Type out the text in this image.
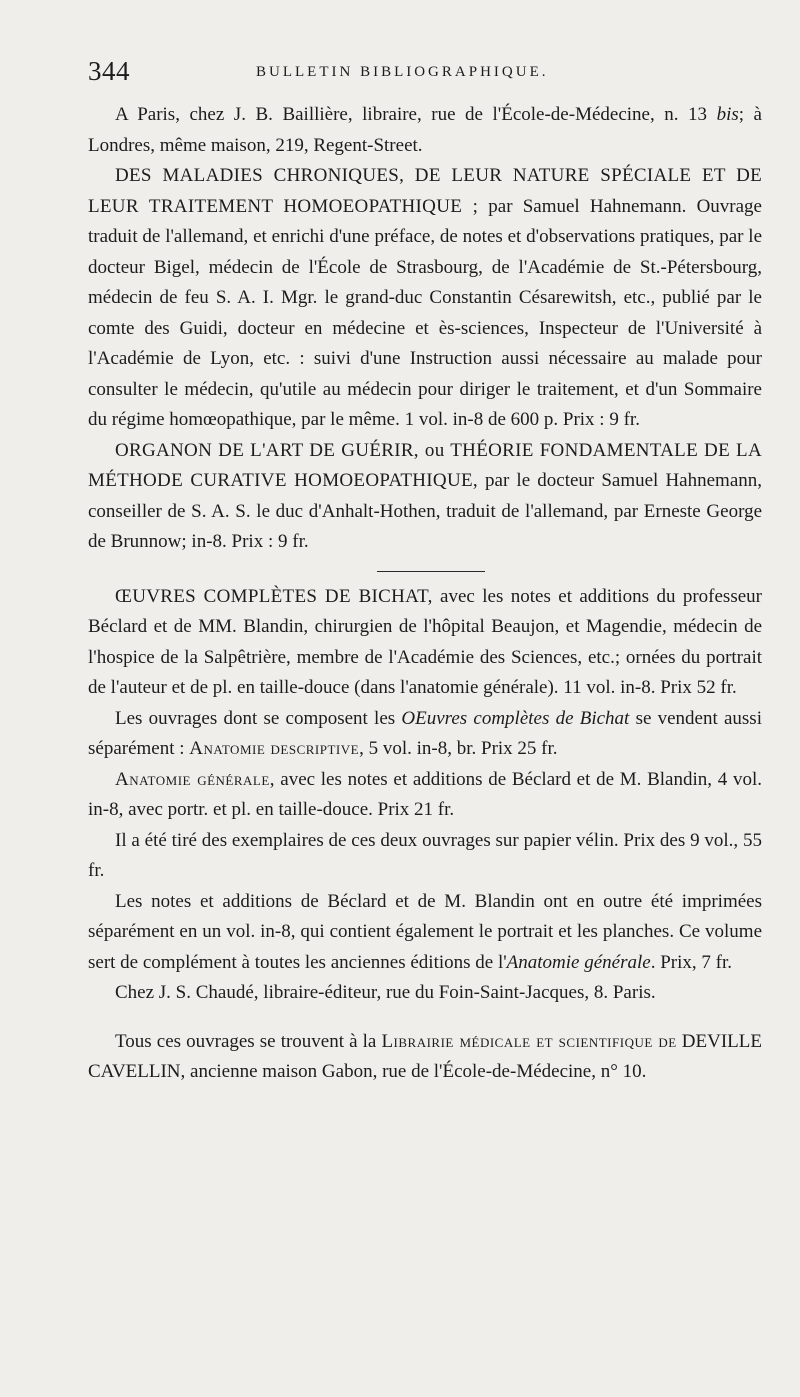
344	BULLETIN BIBLIOGRAPHIQUE.

A Paris, chez J. B. Baillière, libraire, rue de l'École-de-Médecine, n. 13 bis; à Londres, même maison, 219, Regent-Street.

DES MALADIES CHRONIQUES, DE LEUR NATURE SPÉCIALE ET DE LEUR TRAITEMENT HOMOEOPATHIQUE ; par Samuel Hahnemann. Ouvrage traduit de l'allemand, et enrichi d'une préface, de notes et d'observations pratiques, par le docteur Bigel, médecin de l'École de Strasbourg, de l'Académie de St.-Pétersbourg, médecin de feu S. A. I. Mgr. le grand-duc Constantin Césarewitsh, etc., publié par le comte des Guidi, docteur en médecine et ès-sciences, Inspecteur de l'Université à l'Académie de Lyon, etc. : suivi d'une Instruction aussi nécessaire au malade pour consulter le médecin, qu'utile au médecin pour diriger le traitement, et d'un Sommaire du régime homœopathique, par le même. 1 vol. in-8 de 600 p. Prix : 9 fr.

ORGANON DE L'ART DE GUÉRIR, ou THÉORIE FONDAMENTALE DE LA MÉTHODE CURATIVE HOMOEOPATHIQUE, par le docteur Samuel Hahnemann, conseiller de S. A. S. le duc d'Anhalt-Hothen, traduit de l'allemand, par Erneste George de Brunnow; in-8. Prix : 9 fr.

ŒUVRES COMPLÈTES DE BICHAT, avec les notes et additions du professeur Béclard et de MM. Blandin, chirurgien de l'hôpital Beaujon, et Magendie, médecin de l'hospice de la Salpêtrière, membre de l'Académie des Sciences, etc.; ornées du portrait de l'auteur et de pl. en taille-douce (dans l'anatomie générale). 11 vol. in-8. Prix 52 fr.

Les ouvrages dont se composent les OEuvres complètes de Bichat se vendent aussi séparément : Anatomie descriptive, 5 vol. in-8, br. Prix 25 fr.

Anatomie générale, avec les notes et additions de Béclard et de M. Blandin, 4 vol. in-8, avec portr. et pl. en taille-douce. Prix 21 fr.

Il a été tiré des exemplaires de ces deux ouvrages sur papier vélin. Prix des 9 vol., 55 fr.

Les notes et additions de Béclard et de M. Blandin ont en outre été imprimées séparément en un vol. in-8, qui contient également le portrait et les planches. Ce volume sert de complément à toutes les anciennes éditions de l'Anatomie générale. Prix, 7 fr.

Chez J. S. Chaudé, libraire-éditeur, rue du Foin-Saint-Jacques, 8. Paris.

Tous ces ouvrages se trouvent à la Librairie médicale et scientifique de DEVILLE CAVELLIN, ancienne maison Gabon, rue de l'École-de-Médecine, n° 10.
